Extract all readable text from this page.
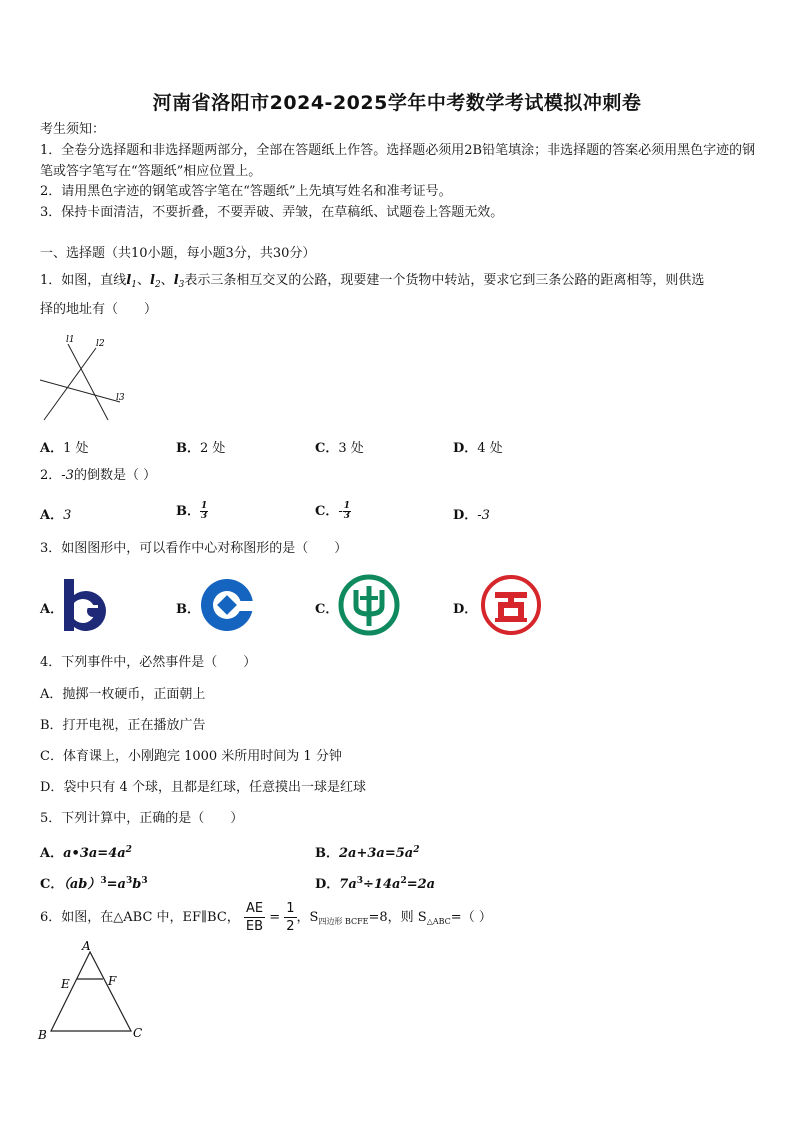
河南省洛阳市2024-2025学年中考数学考试模拟冲刺卷
考生须知：
1．全卷分选择题和非选择题两部分，全部在答题纸上作答。选择题必须用2B铅笔填涂；非选择题的答案必须用黑色字迹的钢笔或答字笔写在“答题纸”相应位置上。
2．请用黑色字迹的钢笔或答字笔在“答题纸”上先填写姓名和准考证号。
3．保持卡面清洁，不要折叠，不要弄破、弄皱，在草稿纸、试题卷上答题无效。
一、选择题（共10小题，每小题3分，共30分）
1．如图，直线$l_1$、$l_2$、$l_3$表示三条相互交叉的公路，现要建一个货物中转站，要求它到三条公路的距离相等，则供选
择的地址有（　　）
l1 l2
l3
A．1 处	B．2 处	C．3 处	D．4 处
2．-3的倒数是（ ）
A．3	B． $\frac{1}{3}$	C．- $\frac{1}{3}$	D．-3
3．如图图形中，可以看作中心对称图形的是（　　）
A．	B．	C．	D．
4．下列事件中，必然事件是（　　）
A．抛掷一枚硬币，正面朝上
B．打开电视，正在播放广告
C．体育课上，小刚跑完 1000 米所用时间为 1 分钟
D．袋中只有 4 个球，且都是红球，任意摸出一球是红球
5．下列计算中，正确的是（　　）
A．$a•3a=4a^2$	B．$2a+3a=5a^2$
C．$(ab)^3=a^3b^3$	D．$7a^3\div 14a^2=2a$
6．如图，在△ABC 中，EF∥BC， $\frac{AE}{EB} = \frac{1}{2}$，$S_{四边形 BCFE}=8$，则 $S_{\triangle ABC}=$（ ）
A
E	F
B	C
